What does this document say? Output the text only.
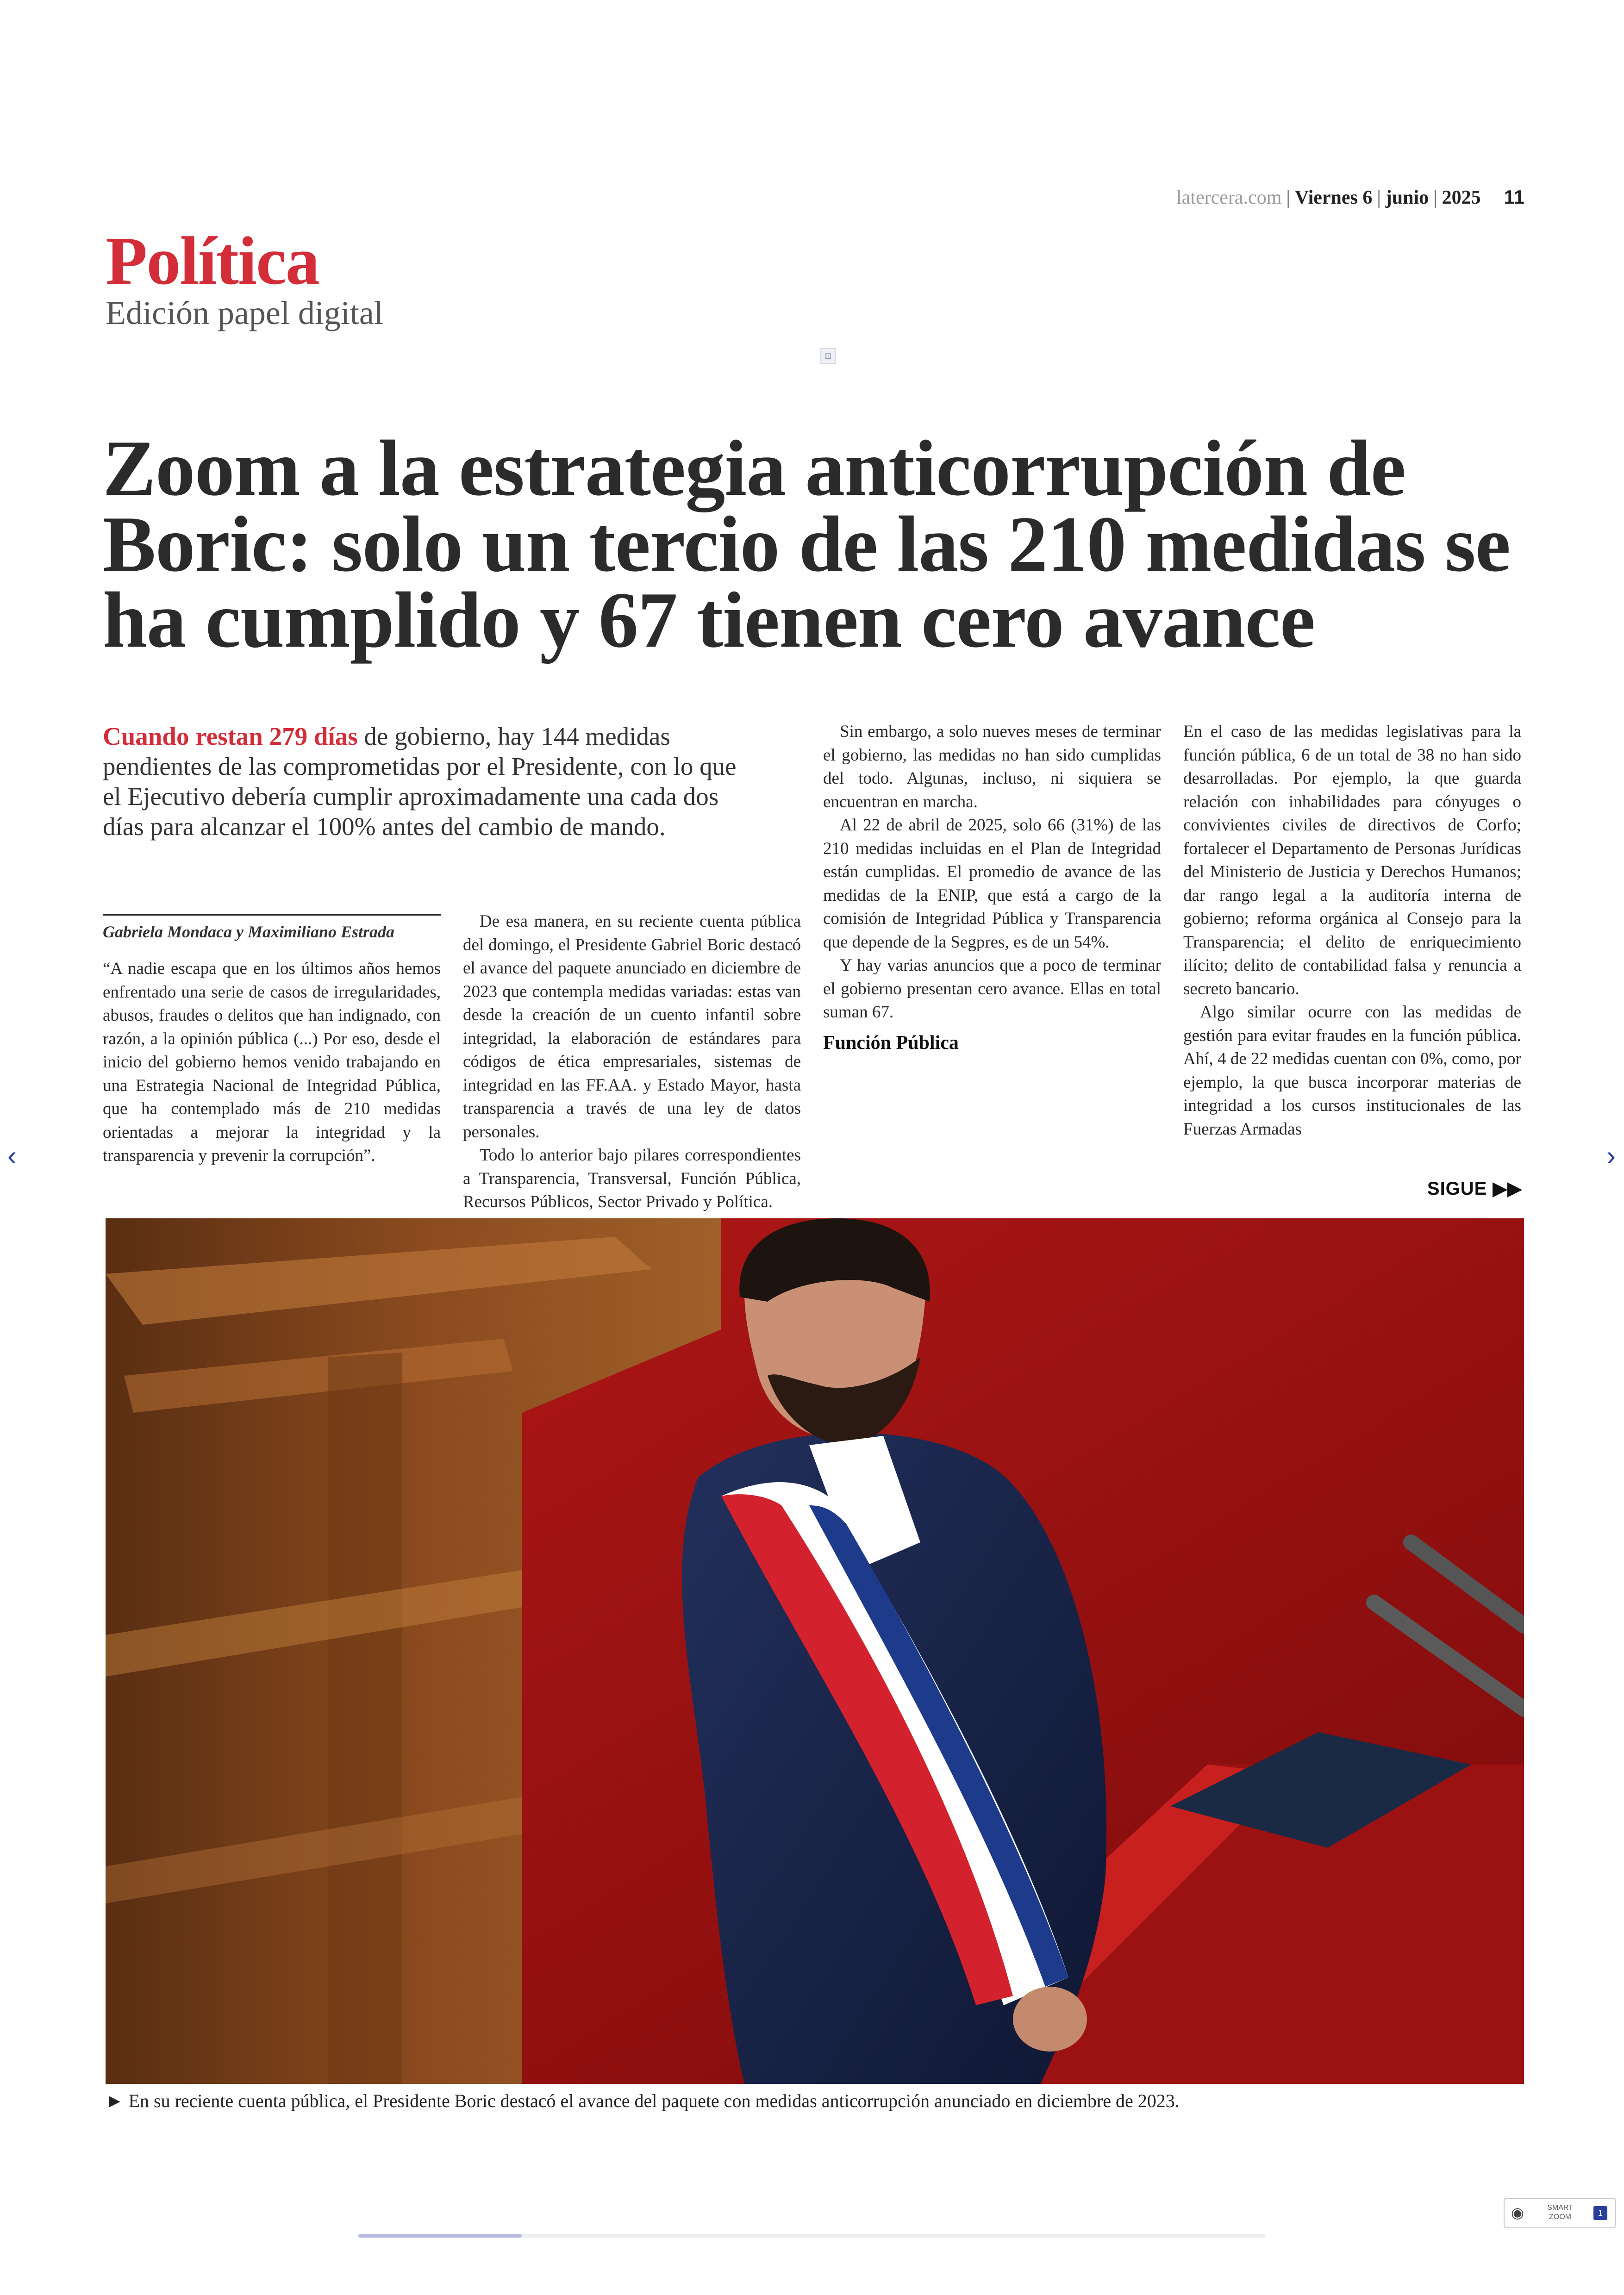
latercera.com | Viernes 6 | junio | 2025 11
Política
Edición papel digital
⊡
Zoom a la estrategia anticorrupción de Boric: solo un tercio de las 210 medidas se ha cumplido y 67 tienen cero avance

Cuando restan 279 días de gobierno, hay 144 medidas pendientes de las comprometidas por el Presidente, con lo que el Ejecutivo debería cumplir aproximadamente una cada dos días para alcanzar el 100% antes del cambio de mando.

Gabriela Mondaca y Maximiliano Estrada

“A nadie escapa que en los últimos años hemos enfrentado una serie de casos de irregularidades, abusos, fraudes o delitos que han indignado, con razón, a la opinión pública (...) Por eso, desde el inicio del gobierno hemos venido trabajando en una Estrategia Nacional de Integridad Pública, que ha contemplado más de 210 medidas orientadas a mejorar la integridad y la transparencia y prevenir la corrupción”.

De esa manera, en su reciente cuenta pública del domingo, el Presidente Gabriel Boric destacó el avance del paquete anunciado en diciembre de 2023 que contempla medidas variadas: estas van desde la creación de un cuento infantil sobre integridad, la elaboración de estándares para códigos de ética empresariales, sistemas de integridad en las FF.AA. y Estado Mayor, hasta transparencia a través de una ley de datos personales.

Todo lo anterior bajo pilares correspondientes a Transparencia, Transversal, Función Pública, Recursos Públicos, Sector Privado y Política.

Sin embargo, a solo nueves meses de terminar el gobierno, las medidas no han sido cumplidas del todo. Algunas, incluso, ni siquiera se encuentran en marcha.

Al 22 de abril de 2025, solo 66 (31%) de las 210 medidas incluidas en el Plan de Integridad están cumplidas. El promedio de avance de las medidas de la ENIP, que está a cargo de la comisión de Integridad Pública y Transparencia que depende de la Segpres, es de un 54%.

Y hay varias anuncios que a poco de terminar el gobierno presentan cero avance. Ellas en total suman 67.

Función Pública

En el caso de las medidas legislativas para la función pública, 6 de un total de 38 no han sido desarrolladas. Por ejemplo, la que guarda relación con inhabilidades para cónyuges o convivientes civiles de directivos de Corfo; fortalecer el Departamento de Personas Jurídicas del Ministerio de Justicia y Derechos Humanos; dar rango legal a la auditoría interna de gobierno; reforma orgánica al Consejo para la Transparencia; el delito de enriquecimiento ilícito; delito de contabilidad falsa y renuncia a secreto bancario.

Algo similar ocurre con las medidas de gestión para evitar fraudes en la función pública. Ahí, 4 de 22 medidas cuentan con 0%, como, por ejemplo, la que busca incorporar materias de integridad a los cursos institucionales de las Fuerzas Armadas

SIGUE ▶▶
► En su reciente cuenta pública, el Presidente Boric destacó el avance del paquete con medidas anticorrupción anunciado en diciembre de 2023.
‹	›
◉	SMART ZOOM	1
